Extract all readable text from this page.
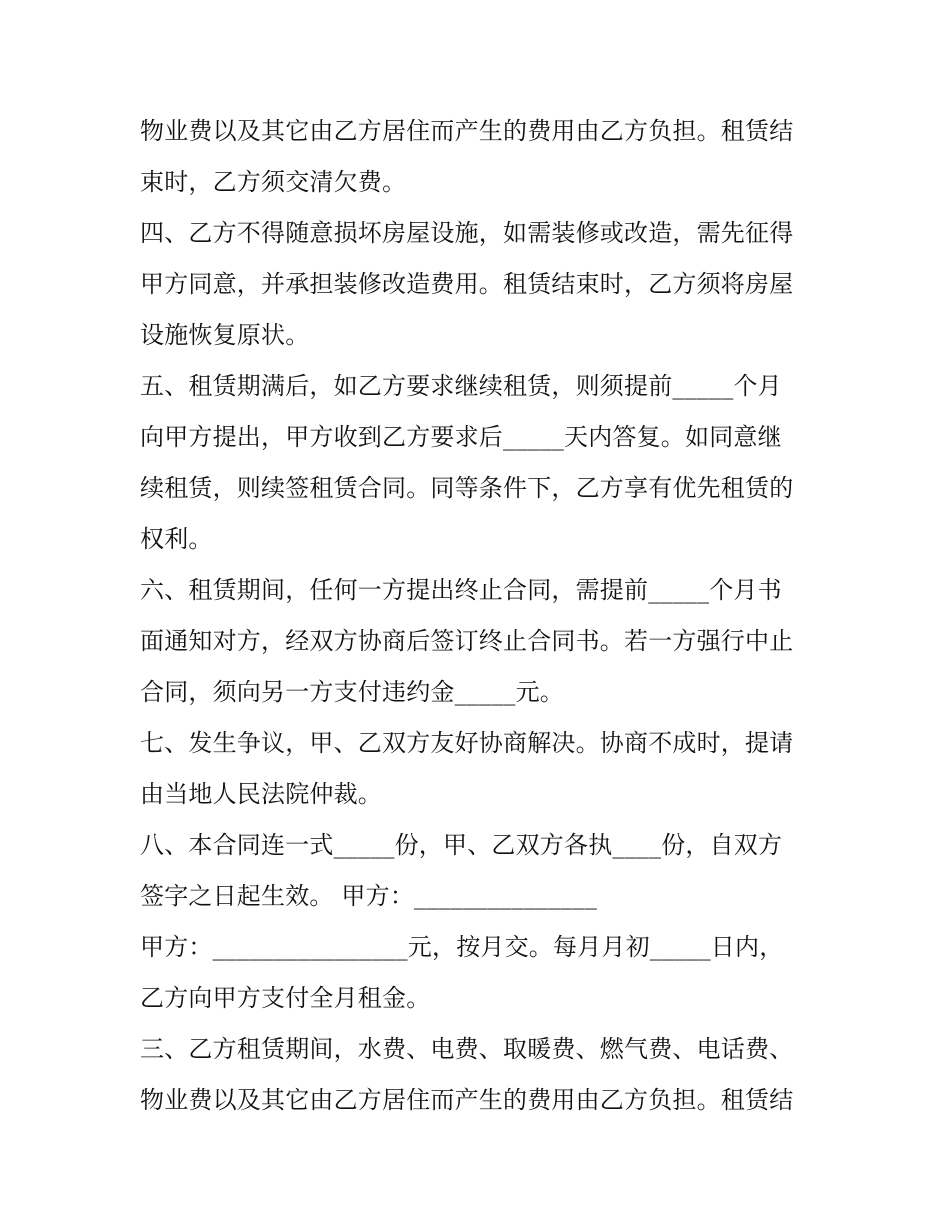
物业费以及其它由乙方居住而产生的费用由乙方负担。租赁结
束时，乙方须交清欠费。
四、乙方不得随意损坏房屋设施，如需装修或改造，需先征得
甲方同意，并承担装修改造费用。租赁结束时，乙方须将房屋
设施恢复原状。
五、租赁期满后，如乙方要求继续租赁，则须提前_____个月
向甲方提出，甲方收到乙方要求后_____天内答复。如同意继
续租赁，则续签租赁合同。同等条件下，乙方享有优先租赁的
权利。
六、租赁期间，任何一方提出终止合同，需提前_____个月书
面通知对方，经双方协商后签订终止合同书。若一方强行中止
合同，须向另一方支付违约金_____元。
七、发生争议，甲、乙双方友好协商解决。协商不成时，提请
由当地人民法院仲裁。
八、本合同连一式_____份，甲、乙双方各执____份，自双方
签字之日起生效。 甲方：_______________
甲方：________________元，按月交。每月月初_____日内，
乙方向甲方支付全月租金。
三、乙方租赁期间，水费、电费、取暖费、燃气费、电话费、
物业费以及其它由乙方居住而产生的费用由乙方负担。租赁结
